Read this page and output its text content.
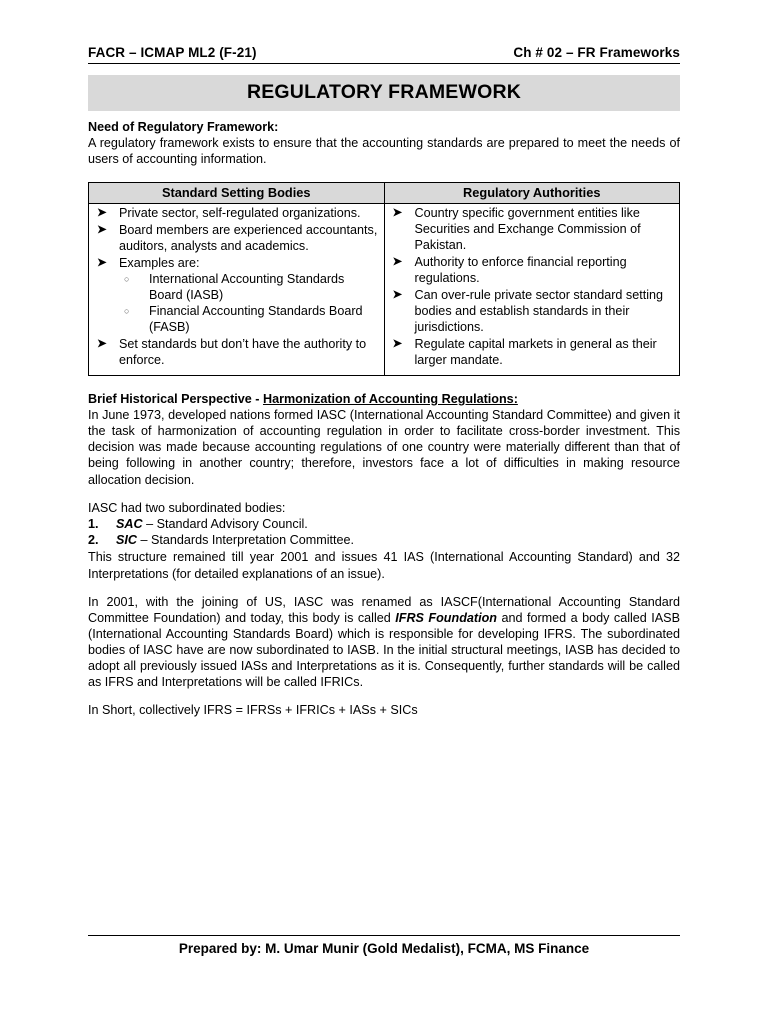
FACR – ICMAP ML2 (F-21)	Ch # 02 – FR Frameworks
REGULATORY FRAMEWORK
Need of Regulatory Framework:
A regulatory framework exists to ensure that the accounting standards are prepared to meet the needs of users of accounting information.
Standard Setting Bodies	Regulatory Authorities

➤ Private sector, self-regulated organizations.
➤ Board members are experienced accountants, auditors, analysts and academics.
➤ Examples are:
○ International Accounting Standards Board (IASB)
○ Financial Accounting Standards Board (FASB)
➤ Set standards but don’t have the authority to enforce.

➤ Country specific government entities like Securities and Exchange Commission of Pakistan.
➤ Authority to enforce financial reporting regulations.
➤ Can over-rule private sector standard setting bodies and establish standards in their jurisdictions.
➤ Regulate capital markets in general as their larger mandate.
Brief Historical Perspective - Harmonization of Accounting Regulations:
In June 1973, developed nations formed IASC (International Accounting Standard Committee) and given it the task of harmonization of accounting regulation in order to facilitate cross-border investment. This decision was made because accounting regulations of one country were materially different than that of being following in another country; therefore, investors face a lot of difficulties in making resource allocation decision.
IASC had two subordinated bodies:
1. SAC – Standard Advisory Council.
2. SIC – Standards Interpretation Committee.
This structure remained till year 2001 and issues 41 IAS (International Accounting Standard) and 32 Interpretations (for detailed explanations of an issue).
In 2001, with the joining of US, IASC was renamed as IASCF(International Accounting Standard Committee Foundation) and today, this body is called IFRS Foundation and formed a body called IASB (International Accounting Standards Board) which is responsible for developing IFRS. The subordinated bodies of IASC have are now subordinated to IASB. In the initial structural meetings, IASB has decided to adopt all previously issued IASs and Interpretations as it is. Consequently, further standards will be called as IFRS and Interpretations will be called IFRICs.
In Short, collectively IFRS = IFRSs + IFRICs + IASs + SICs
Prepared by: M. Umar Munir (Gold Medalist), FCMA, MS Finance
